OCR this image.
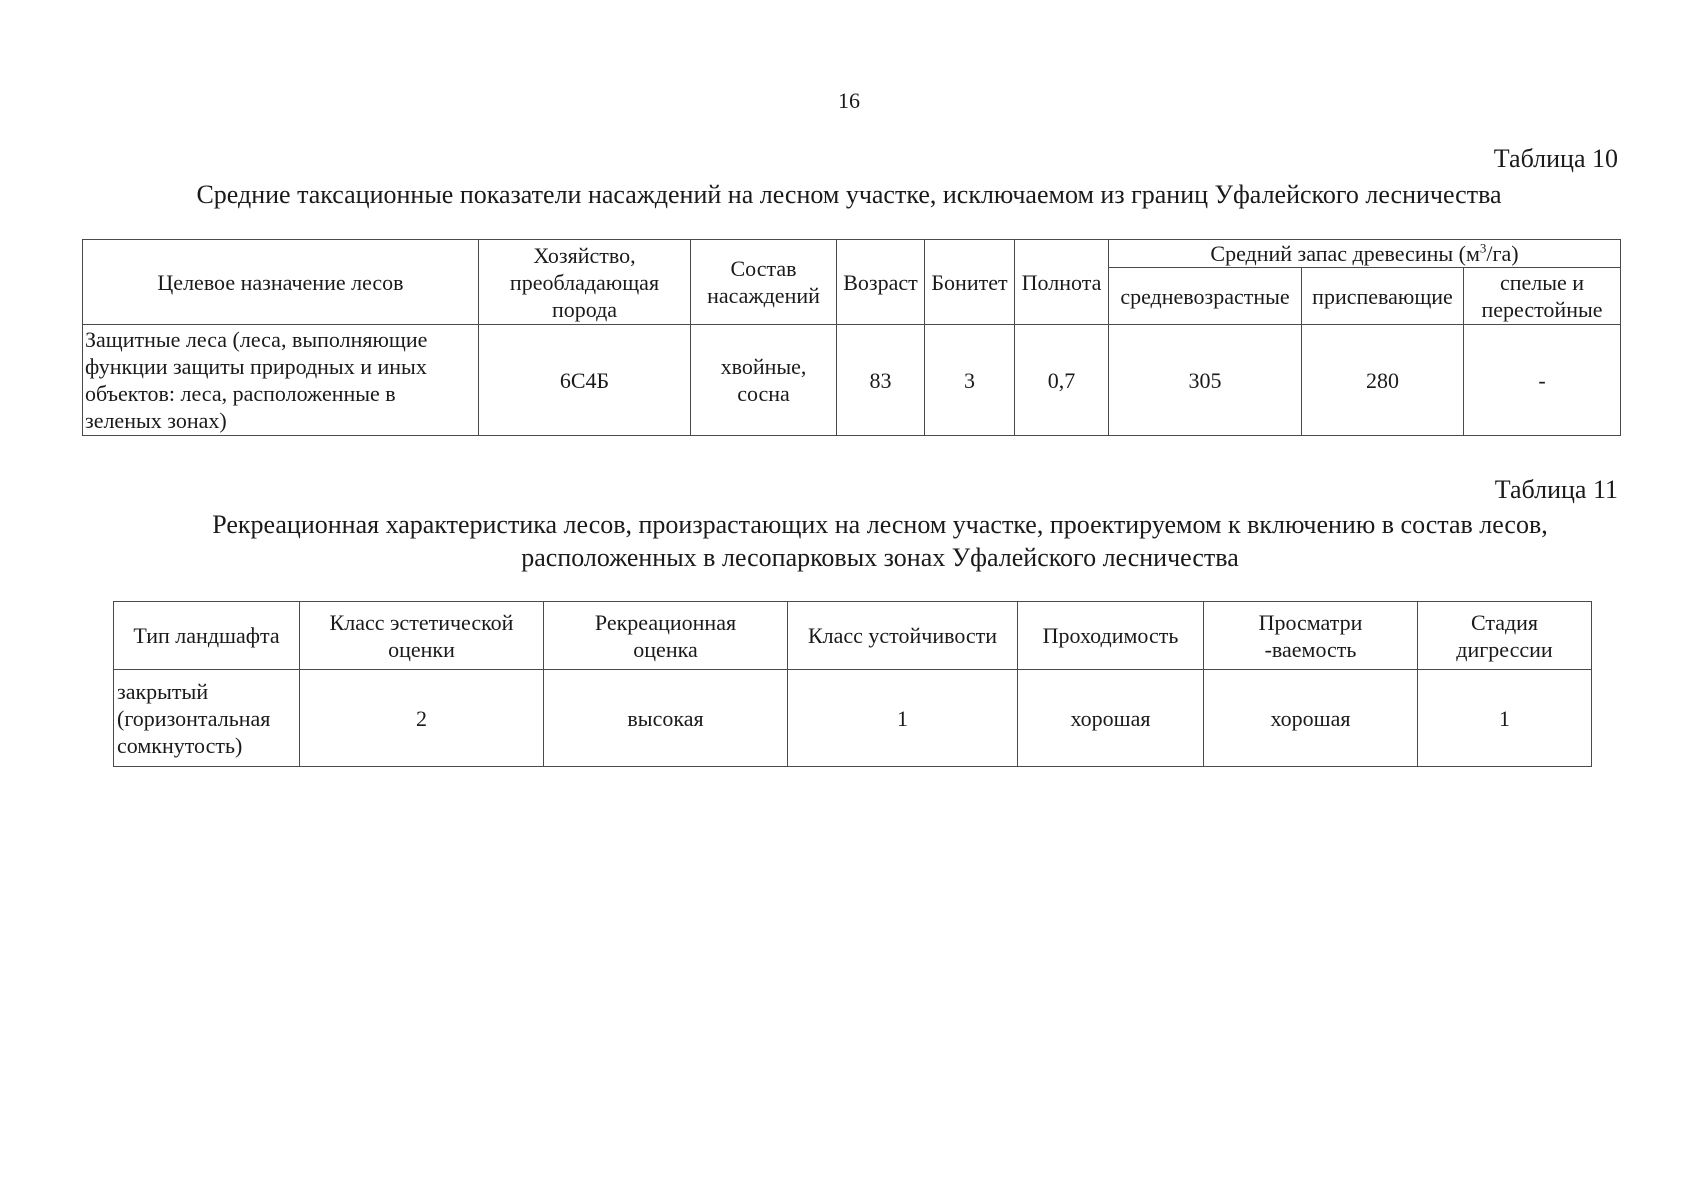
16
Таблица 10
Средние таксационные показатели насаждений на лесном участке, исключаемом из границ Уфалейского лесничества
Целевое назначение лесов	Хозяйство, преобладающая порода	Состав насаждений	Возраст	Бонитет	Полнота	Средний запас древесины $(м^3/га)$		
						средневозрастные	приспевающие	спелые и перестойные
Защитные леса (леса, выполняющие функции защиты природных и иных объектов: леса, расположенные в зеленых зонах)	6С4Б	хвойные, сосна	83	3	0,7	305	280	-
Таблица 11
Рекреационная характеристика лесов, произрастающих на лесном участке, проектируемом к включению в состав лесов, расположенных в лесопарковых зонах Уфалейского лесничества
Тип ландшафта	Класс эстетической оценки	Рекреационная оценка	Класс устойчивости	Проходимость	Просматри -ваемость	Стадия дигрессии
закрытый (горизонтальная сомкнутость)	2	высокая	1	хорошая	хорошая	1
